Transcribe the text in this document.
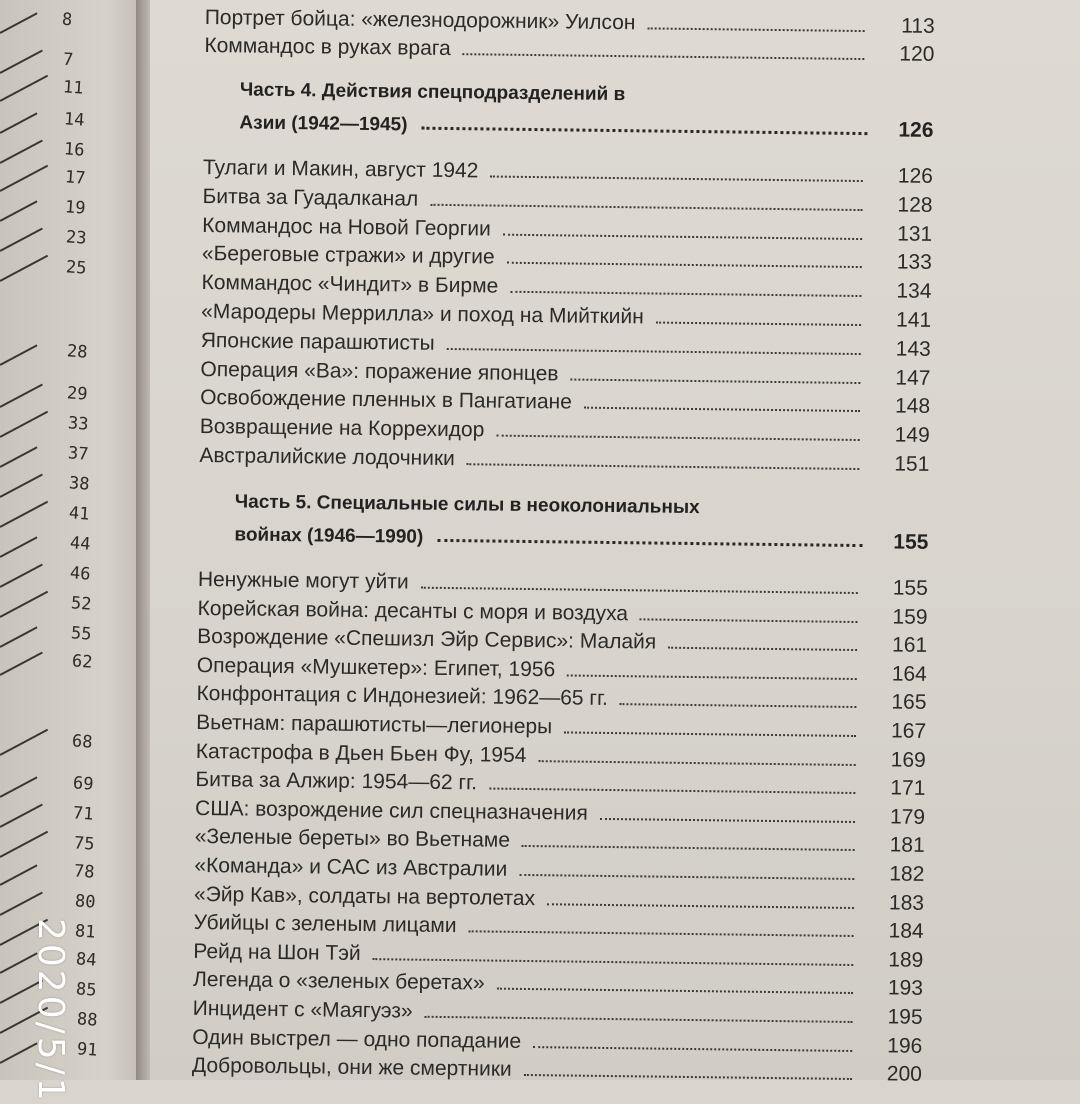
8
7
11
14
16
17
19
23
25
28
29
33
37
38
41
44
46
52
55
62
68
69
71
75
78
80
81
84
85
88
91
Портрет бойца: «железнодорожник» Уилсон	113
Коммандос в руках врага	120
Часть 4. Действия спецподразделений в
Азии (1942—1945)	126
Тулаги и Макин, август 1942	126
Битва за Гуадалканал	128
Коммандос на Новой Георгии	131
«Береговые стражи» и другие	133
Коммандос «Чиндит» в Бирме	134
«Мародеры Меррилла» и поход на Мийткийн	141
Японские парашютисты	143
Операция «Ва»: поражение японцев	147
Освобождение пленных в Пангатиане	148
Возвращение на Коррехидор	149
Австралийские лодочники	151
Часть 5. Специальные силы в неоколониальных
войнах (1946—1990)	155
Ненужные могут уйти	155
Корейская война: десанты с моря и воздуха	159
Возрождение «Спешизл Эйр Сервис»: Малайя	161
Операция «Мушкетер»: Египет, 1956	164
Конфронтация с Индонезией: 1962—65 гг.	165
Вьетнам: парашютисты—легионеры	167
Катастрофа в Дьен Бьен Фу, 1954	169
Битва за Алжир: 1954—62 гг.	171
США: возрождение сил спецназначения	179
«Зеленые береты» во Вьетнаме	181
«Команда» и САС из Австралии	182
«Эйр Кав», солдаты на вертолетах	183
Убийцы с зеленым лицами	184
Рейд на Шон Тэй	189
Легенда о «зеленых беретах»	193
Инцидент с «Маягуэз»	195
Один выстрел — одно попадание	196
Добровольцы, они же смертники	200
2020/5/1
